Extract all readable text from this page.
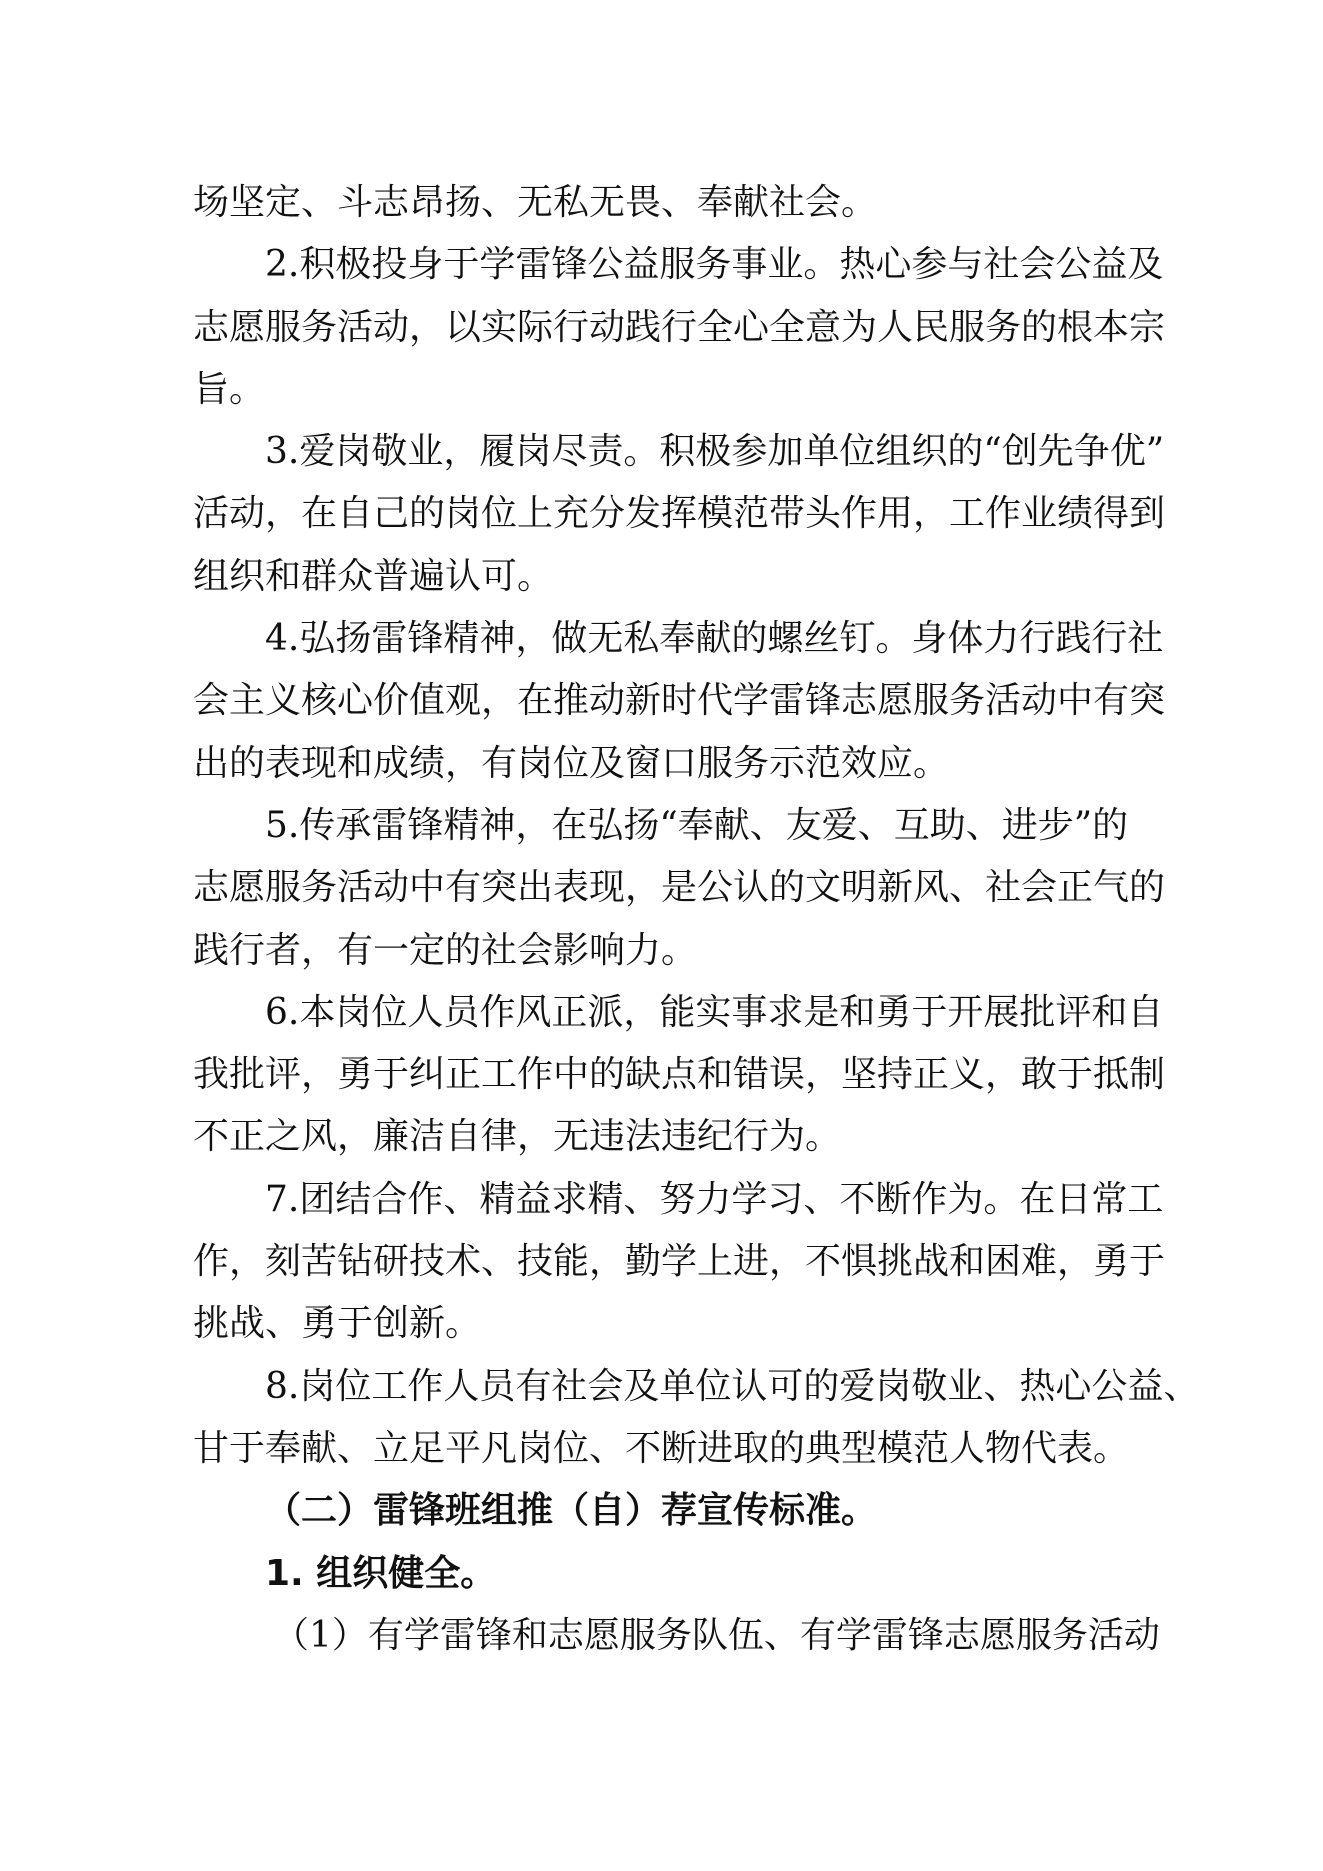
场坚定、斗志昂扬、无私无畏、奉献社会。
2.积极投身于学雷锋公益服务事业。热心参与社会公益及
志愿服务活动，以实际行动践行全心全意为人民服务的根本宗
旨。
3.爱岗敬业，履岗尽责。积极参加单位组织的“创先争优”
活动，在自己的岗位上充分发挥模范带头作用，工作业绩得到
组织和群众普遍认可。
4.弘扬雷锋精神，做无私奉献的螺丝钉。身体力行践行社
会主义核心价值观，在推动新时代学雷锋志愿服务活动中有突
出的表现和成绩，有岗位及窗口服务示范效应。
5.传承雷锋精神，在弘扬“奉献、友爱、互助、进步”的
志愿服务活动中有突出表现，是公认的文明新风、社会正气的
践行者，有一定的社会影响力。
6.本岗位人员作风正派，能实事求是和勇于开展批评和自
我批评，勇于纠正工作中的缺点和错误，坚持正义，敢于抵制
不正之风，廉洁自律，无违法违纪行为。
7.团结合作、精益求精、努力学习、不断作为。在日常工
作，刻苦钻研技术、技能，勤学上进，不惧挑战和困难，勇于
挑战、勇于创新。
8.岗位工作人员有社会及单位认可的爱岗敬业、热心公益、
甘于奉献、立足平凡岗位、不断进取的典型模范人物代表。
（二）雷锋班组推（自）荐宣传标准。
1. 组织健全。
（1）有学雷锋和志愿服务队伍、有学雷锋志愿服务活动
